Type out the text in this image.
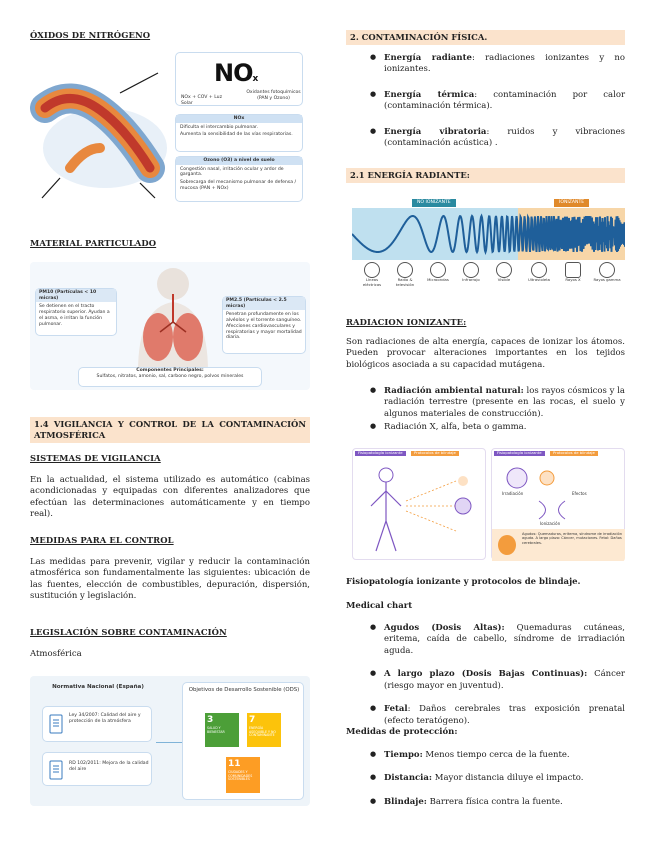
ÓXIDOS DE NITRÓGENO
NOx
NOx + COV + Luz Solar
Oxidantes fotoquímicos (PAN y Ozono)
NOx
Dificulta el intercambio pulmonar.
Aumenta la sensibilidad de las vías respiratorias.
Ozono (O3) a nivel de suelo
Congestión nasal, irritación ocular y ardor de garganta.
Sobrecarga del mecanismo pulmonar de defensa / mucosa (PAN + NOx)
MATERIAL PARTICULADO
PM10 (Partículas < 10 micras)
Se detienen en el tracto respiratorio superior. Ayudan a el asma, e irritan la función pulmonar.
PM2.5 (Partículas < 2.5 micras)
Penetran profundamente en los alvéolos y el torrente sanguíneo. Afecciones cardiovasculares y respiratorias y mayor mortalidad diaria.
Componentes Principales:
Sulfatos, nitratos, amonio, sal, carbono negro, polvos minerales
1.4 VIGILANCIA Y CONTROL DE LA CONTAMINACIÓN ATMOSFÉRICA
SISTEMAS DE VIGILANCIA
En la actualidad, el sistema utilizado es automático (cabinas acondicionadas y equipadas con diferentes analizadores que efectúan las determinaciones automáticamente y en tiempo real).
MEDIDAS PARA EL CONTROL
Las medidas para prevenir, vigilar y reducir la contaminación atmosférica son fundamentalmente las siguientes: ubicación de las fuentes, elección de combustibles, depuración, dispersión, sustitución y legislación.
LEGISLACIÓN SOBRE CONTAMINACIÓN
Atmosférica
Normativa Nacional (España)
Ley 34/2007: Calidad del aire y protección de la atmósfera
RD 102/2011: Mejora de la calidad del aire
Objetivos de Desarrollo Sostenible (ODS)
3
SALUD Y BIENESTAR
7
ENERGÍA ASEQUIBLE Y NO CONTAMINANTE
11
CIUDADES Y COMUNIDADES SOSTENIBLES
2. CONTAMINACIÓN FÍSICA.
● Energía radiante: radiaciones ionizantes y no ionizantes.
● Energía térmica: contaminación por calor (contaminación térmica).
● Energía vibratoria: ruidos y vibraciones (contaminación acústica) .
2.1 ENERGÍA RADIANTE:
NO IONIZANTE	IONIZANTE
Líneas eléctricas
Radio & televisión
Microondas	Infrarrojo	Visible	Ultravioleta	Rayos X	Rayos gamma
RADIACION IONIZANTE:
Son radiaciones de alta energía, capaces de ionizar los átomos. Pueden provocar alteraciones importantes en los tejidos biológicos asociada a su capacidad mutágena.
● Radiación ambiental natural: los rayos cósmicos y la radiación terrestre (presente en las rocas, el suelo y algunos materiales de construcción).
● Radiación X, alfa, beta o gamma.
Fisiopatología ionizante	Protocolos de blindaje	Fisiopatología ionizante	Protocolos de blindaje
Irradiación	Efectos
Ionización
Agudos: Quemaduras, eritema, síndrome de irradiación aguda. A largo plazo: Cáncer, mutaciones. Fetal: Daños cerebrales.
Fisiopatología ionizante y protocolos de blindaje.
Medical chart
● Agudos (Dosis Altas): Quemaduras cutáneas, eritema, caída de cabello, síndrome de irradiación aguda.
● A largo plazo (Dosis Bajas Continuas): Cáncer (riesgo mayor en juventud).
● Fetal: Daños cerebrales tras exposición prenatal (efecto teratógeno).
Medidas de protección:
● Tiempo: Menos tiempo cerca de la fuente.
● Distancia: Mayor distancia diluye el impacto.
● Blindaje: Barrera física contra la fuente.
